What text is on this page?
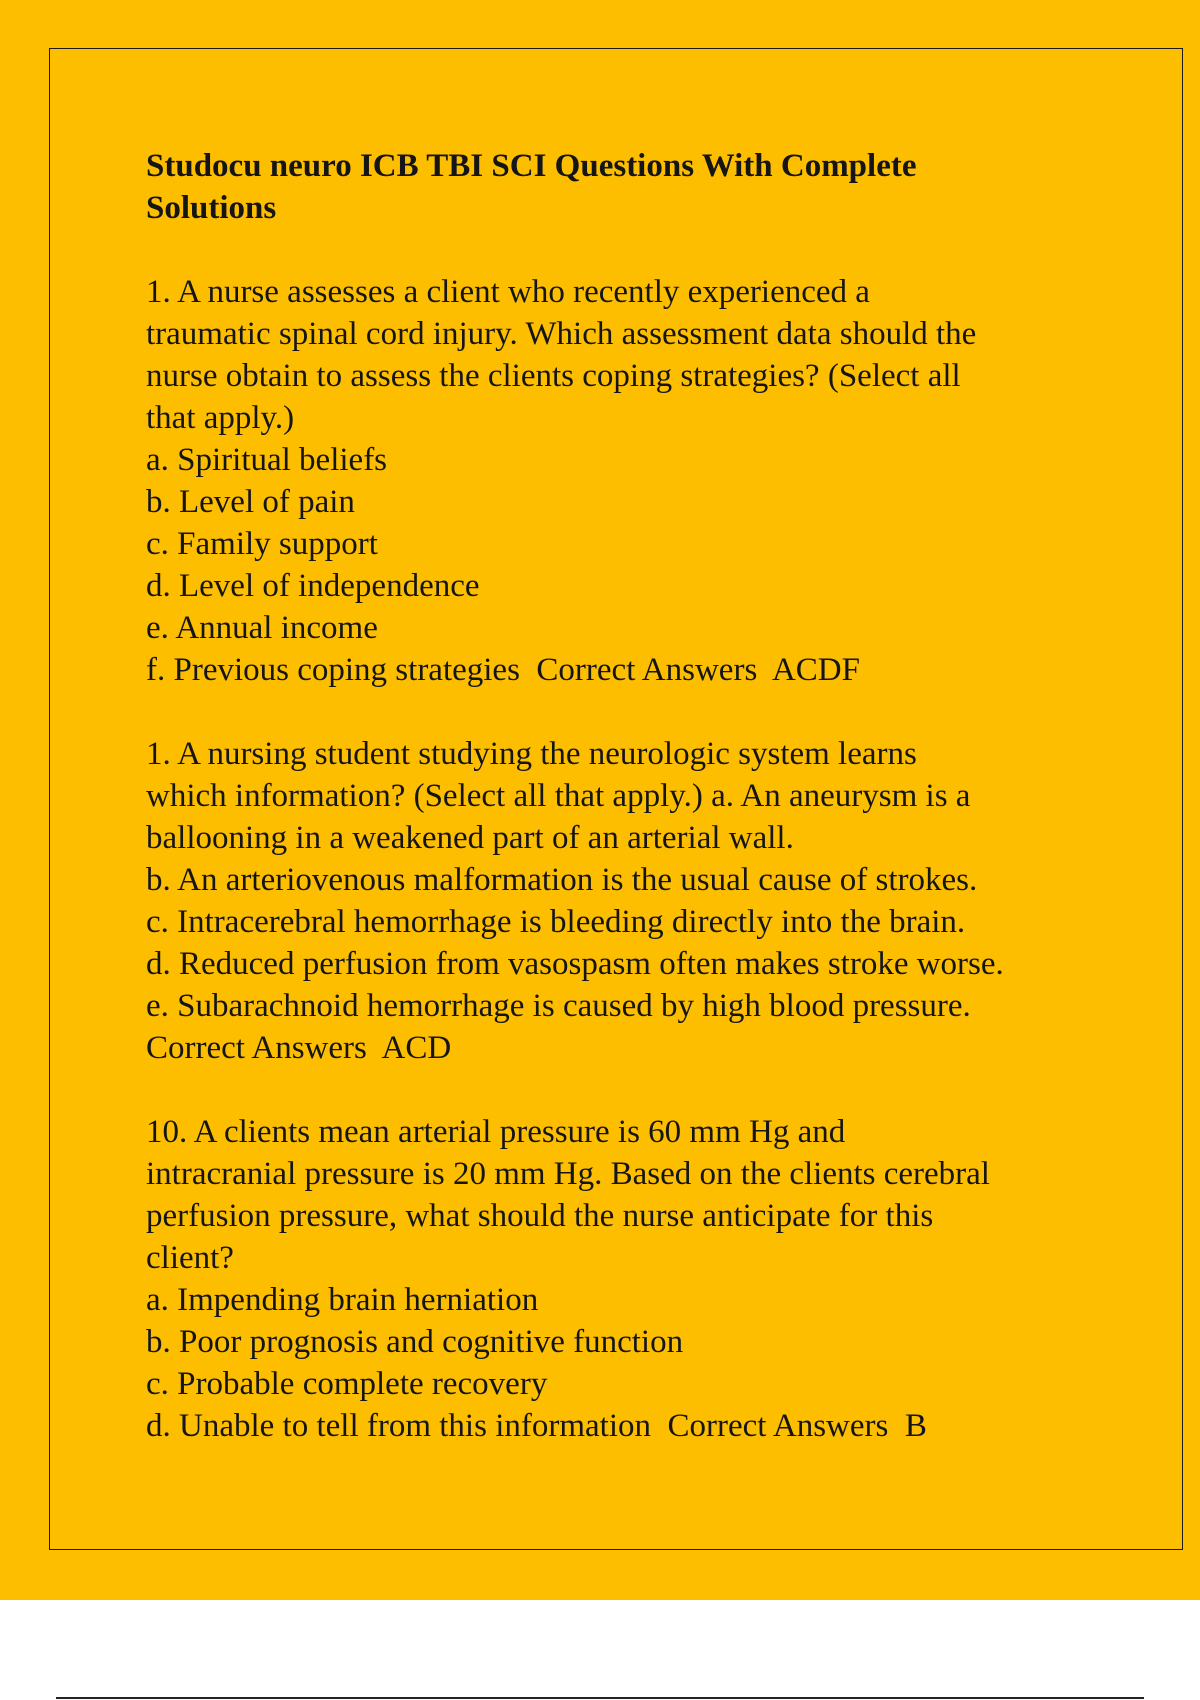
Studocu neuro ICB TBI SCI Questions With Complete
Solutions
1. A nurse assesses a client who recently experienced a
traumatic spinal cord injury. Which assessment data should the
nurse obtain to assess the clients coping strategies? (Select all
that apply.)
a. Spiritual beliefs
b. Level of pain
c. Family support
d. Level of independence
e. Annual income
f. Previous coping strategies  Correct Answers  ACDF
1. A nursing student studying the neurologic system learns
which information? (Select all that apply.) a. An aneurysm is a
ballooning in a weakened part of an arterial wall.
b. An arteriovenous malformation is the usual cause of strokes.
c. Intracerebral hemorrhage is bleeding directly into the brain.
d. Reduced perfusion from vasospasm often makes stroke worse.
e. Subarachnoid hemorrhage is caused by high blood pressure.
Correct Answers  ACD
10. A clients mean arterial pressure is 60 mm Hg and
intracranial pressure is 20 mm Hg. Based on the clients cerebral
perfusion pressure, what should the nurse anticipate for this
client?
a. Impending brain herniation
b. Poor prognosis and cognitive function
c. Probable complete recovery
d. Unable to tell from this information  Correct Answers  B
